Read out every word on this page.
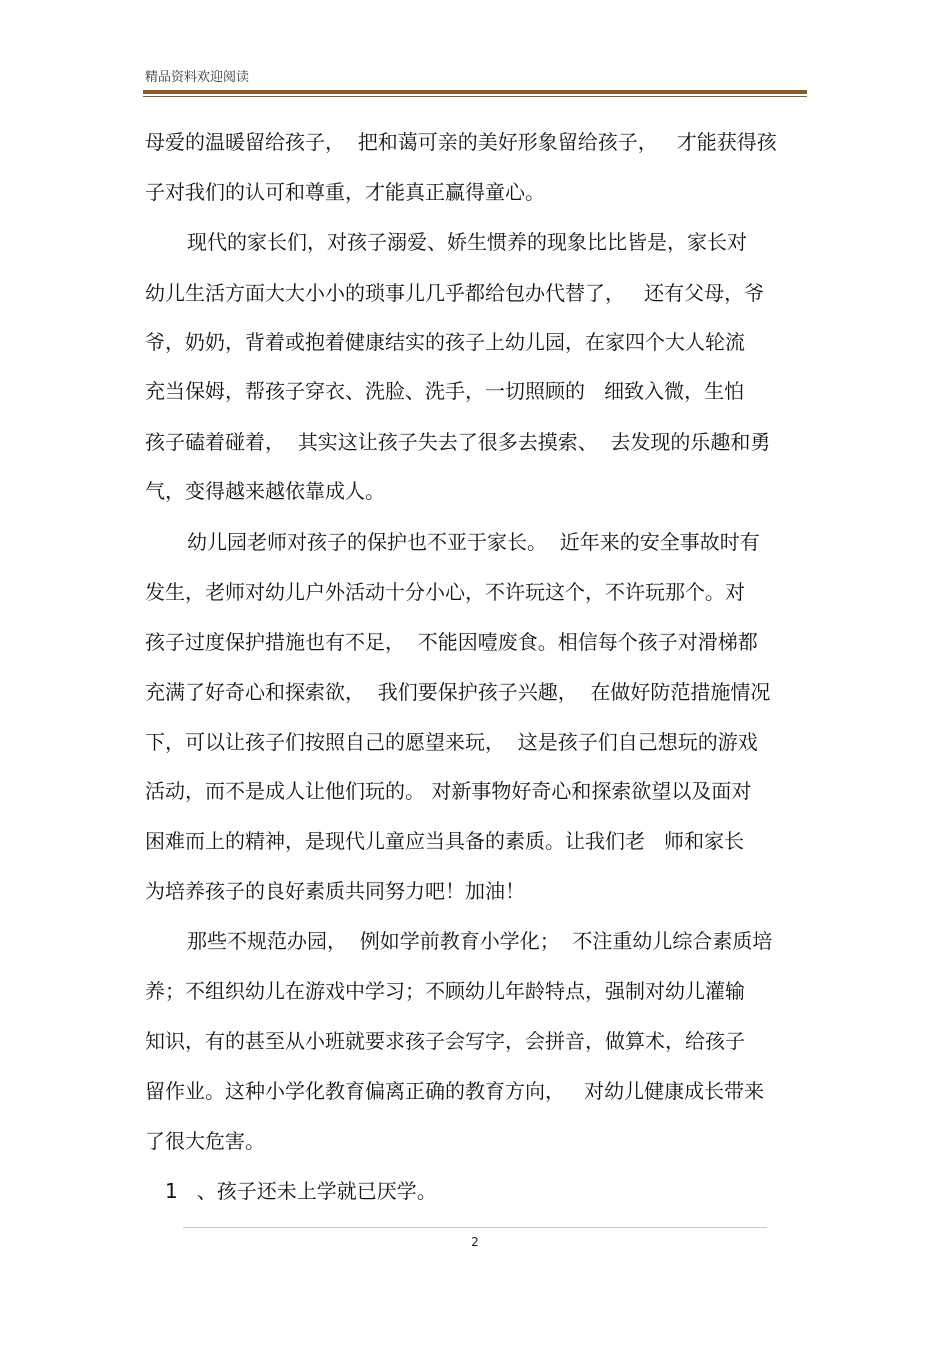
精品资料欢迎阅读
母爱的温暖留给孩子，  把和蔼可亲的美好形象留给孩子，   才能获得孩
子对我们的认可和尊重，才能真正赢得童心。
现代的家长们，对孩子溺爱、娇生惯养的现象比比皆是，家长对
幼儿生活方面大大小小的琐事儿几乎都给包办代替了，   还有父母，爷
爷，奶奶，背着或抱着健康结实的孩子上幼儿园，在家四个大人轮流
充当保姆，帮孩子穿衣、洗脸、洗手，一切照顾的   细致入微，生怕
孩子磕着碰着，  其实这让孩子失去了很多去摸索、  去发现的乐趣和勇
气，变得越来越依靠成人。
幼儿园老师对孩子的保护也不亚于家长。  近年来的安全事故时有
发生，老师对幼儿户外活动十分小心，不许玩这个，不许玩那个。对
孩子过度保护措施也有不足，  不能因噎废食。相信每个孩子对滑梯都
充满了好奇心和探索欲，  我们要保护孩子兴趣，  在做好防范措施情况
下，可以让孩子们按照自己的愿望来玩，  这是孩子们自己想玩的游戏
活动，而不是成人让他们玩的。 对新事物好奇心和探索欲望以及面对
困难而上的精神，是现代儿童应当具备的素质。让我们老   师和家长
为培养孩子的良好素质共同努力吧！加油！
那些不规范办园，  例如学前教育小学化；  不注重幼儿综合素质培
养；不组织幼儿在游戏中学习；不顾幼儿年龄特点，强制对幼儿灌输
知识，有的甚至从小班就要求孩子会写字，会拼音，做算术，给孩子
留作业。这种小学化教育偏离正确的教育方向，   对幼儿健康成长带来
了很大危害。
1   、孩子还未上学就已厌学。
2
